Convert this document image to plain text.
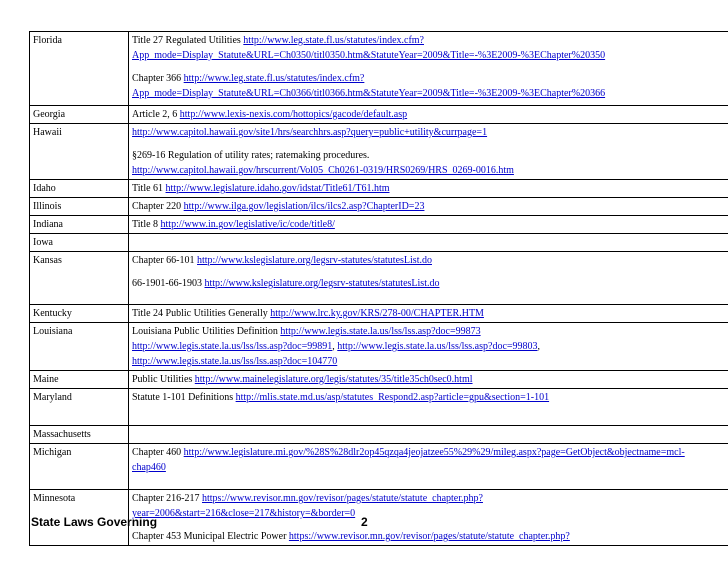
Florida	Title 27 Regulated Utilities http://www.leg.state.fl.us/statutes/index.cfm?
App_mode=Display_Statute&URL=Ch0350/titl0350.htm&StatuteYear=2009&Title=-%3E2009-%3EChapter%20350
Chapter 366 http://www.leg.state.fl.us/statutes/index.cfm?
App_mode=Display_Statute&URL=Ch0366/titl0366.htm&StatuteYear=2009&Title=-%3E2009-%3EChapter%20366

Georgia	Article 2, 6 http://www.lexis-nexis.com/hottopics/gacode/default.asp

Hawaii	http://www.capitol.hawaii.gov/site1/hrs/searchhrs.asp?query=public+utility&currpage=1
§269-16 Regulation of utility rates; ratemaking procedures.
http://www.capitol.hawaii.gov/hrscurrent/Vol05_Ch0261-0319/HRS0269/HRS_0269-0016.htm

Idaho	Title 61 http://www.legislature.idaho.gov/idstat/Title61/T61.htm

Illinois	Chapter 220 http://www.ilga.gov/legislation/ilcs/ilcs2.asp?ChapterID=23

Indiana	Title 8 http://www.in.gov/legislative/ic/code/title8/

Iowa	

Kansas	Chapter 66-101 http://www.kslegislature.org/legsrv-statutes/statutesList.do
66-1901-66-1903 http://www.kslegislature.org/legsrv-statutes/statutesList.do

Kentucky	Title 24 Public Utilities Generally http://www.lrc.ky.gov/KRS/278-00/CHAPTER.HTM

Louisiana	Louisiana Public Utilities Definition http://www.legis.state.la.us/lss/lss.asp?doc=99873
http://www.legis.state.la.us/lss/lss.asp?doc=99891, http://www.legis.state.la.us/lss/lss.asp?doc=99803,
http://www.legis.state.la.us/lss/lss.asp?doc=104770

Maine	Public Utilities http://www.mainelegislature.org/legis/statutes/35/title35ch0sec0.html

Maryland	Statute 1-101 Definitions http://mlis.state.md.us/asp/statutes_Respond2.asp?article=gpu&section=1-101

Massachusetts	

Michigan	Chapter 460 http://www.legislature.mi.gov/%28S%28dlr2op45qzqa4jeojatzee55%29%29/mileg.aspx?page=GetObject&objectname=mcl-
chap460

Minnesota	Chapter 216-217 https://www.revisor.mn.gov/revisor/pages/statute/statute_chapter.php?
year=2006&start=216&close=217&history=&border=0
Chapter 453 Municipal Electric Power https://www.revisor.mn.gov/revisor/pages/statute/statute_chapter.php?
State Laws Governing	2
